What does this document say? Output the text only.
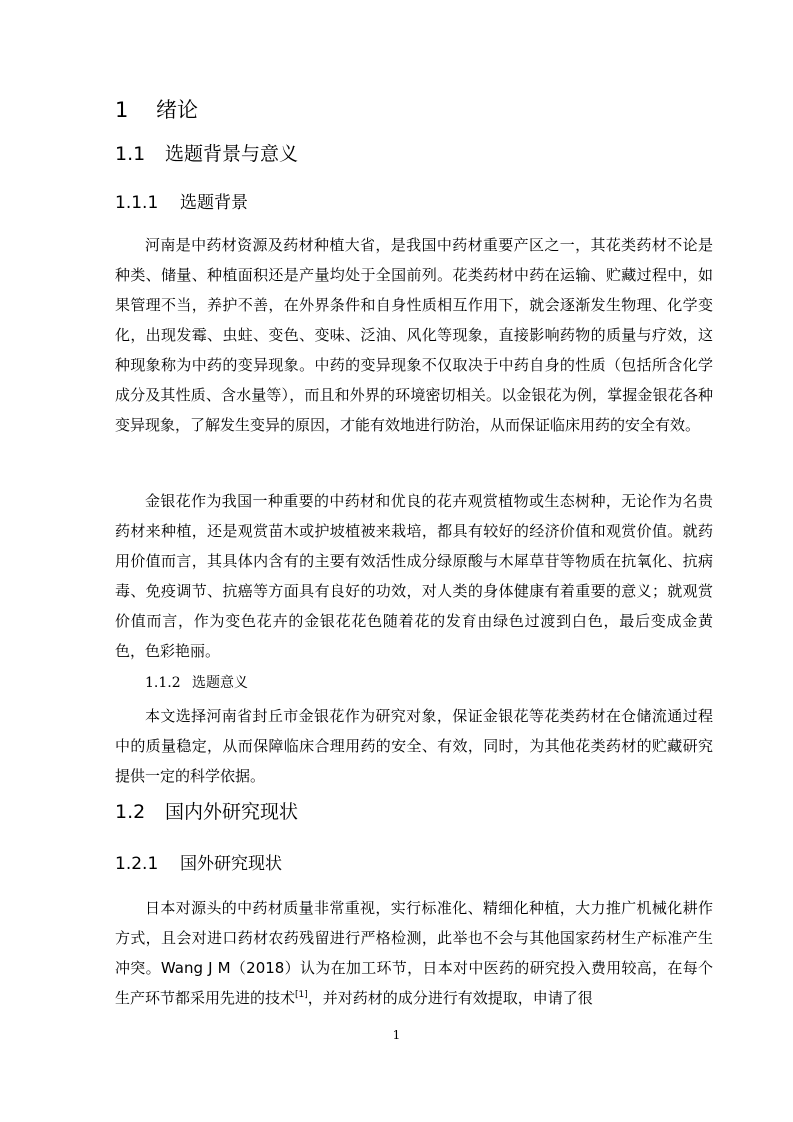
1 绪论
1.1 选题背景与意义
1.1.1 选题背景

河南是中药材资源及药材种植大省，是我国中药材重要产区之一，其花类药材不论是种类、储量、种植面积还是产量均处于全国前列。花类药材中药在运输、贮藏过程中，如果管理不当，养护不善，在外界条件和自身性质相互作用下，就会逐渐发生物理、化学变化，出现发霉、虫蛀、变色、变味、泛油、风化等现象，直接影响药物的质量与疗效，这种现象称为中药的变异现象。中药的变异现象不仅取决于中药自身的性质（包括所含化学成分及其性质、含水量等），而且和外界的环境密切相关。以金银花为例，掌握金银花各种变异现象，了解发生变异的原因，才能有效地进行防治，从而保证临床用药的安全有效。

金银花作为我国一种重要的中药材和优良的花卉观赏植物或生态树种，无论作为名贵药材来种植，还是观赏苗木或护坡植被来栽培，都具有较好的经济价值和观赏价值。就药用价值而言，其具体内含有的主要有效活性成分绿原酸与木犀草苷等物质在抗氧化、抗病毒、免疫调节、抗癌等方面具有良好的功效，对人类的身体健康有着重要的意义；就观赏价值而言，作为变色花卉的金银花花色随着花的发育由绿色过渡到白色，最后变成金黄色，色彩艳丽。

1.1.2 选题意义

本文选择河南省封丘市金银花作为研究对象，保证金银花等花类药材在仓储流通过程中的质量稳定，从而保障临床合理用药的安全、有效，同时，为其他花类药材的贮藏研究提供一定的科学依据。

1.2 国内外研究现状
1.2.1 国外研究现状

日本对源头的中药材质量非常重视，实行标准化、精细化种植，大力推广机械化耕作方式，且会对进口药材农药残留进行严格检测，此举也不会与其他国家药材生产标准产生冲突。Wang J M（2018）认为在加工环节，日本对中医药的研究投入费用较高，在每个生产环节都采用先进的技术[1]，并对药材的成分进行有效提取，申请了很

1
